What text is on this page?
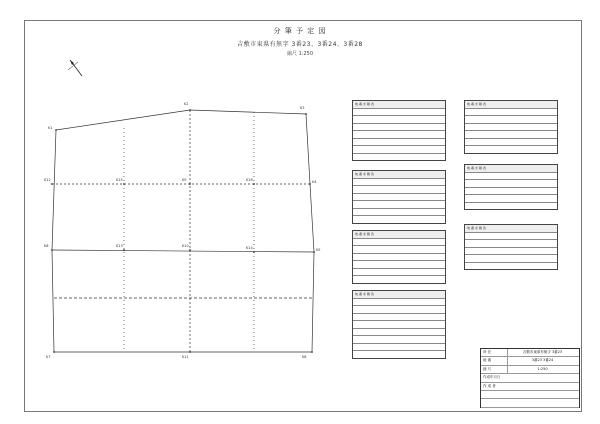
分 筆 予 定 図
吉敷市東県有無字 3番23、3番24、3番28
縮尺 1:250
K1
K2
K3
K4
K5
K6
K7
K8
K9
K10
K11
K12
K13	K14
K15	K16
地 番 求 積 表	地 番 求 積 表
地 番 求 積 表
地 番 求 積 表
地 番 求 積 表
地 番 求 積 表
地 番 求 積 表
所 在	吉敷市東県有無字 3番23
地 番	3番23 3番24
縮 尺	1:250
作成年月日
作 成 者
